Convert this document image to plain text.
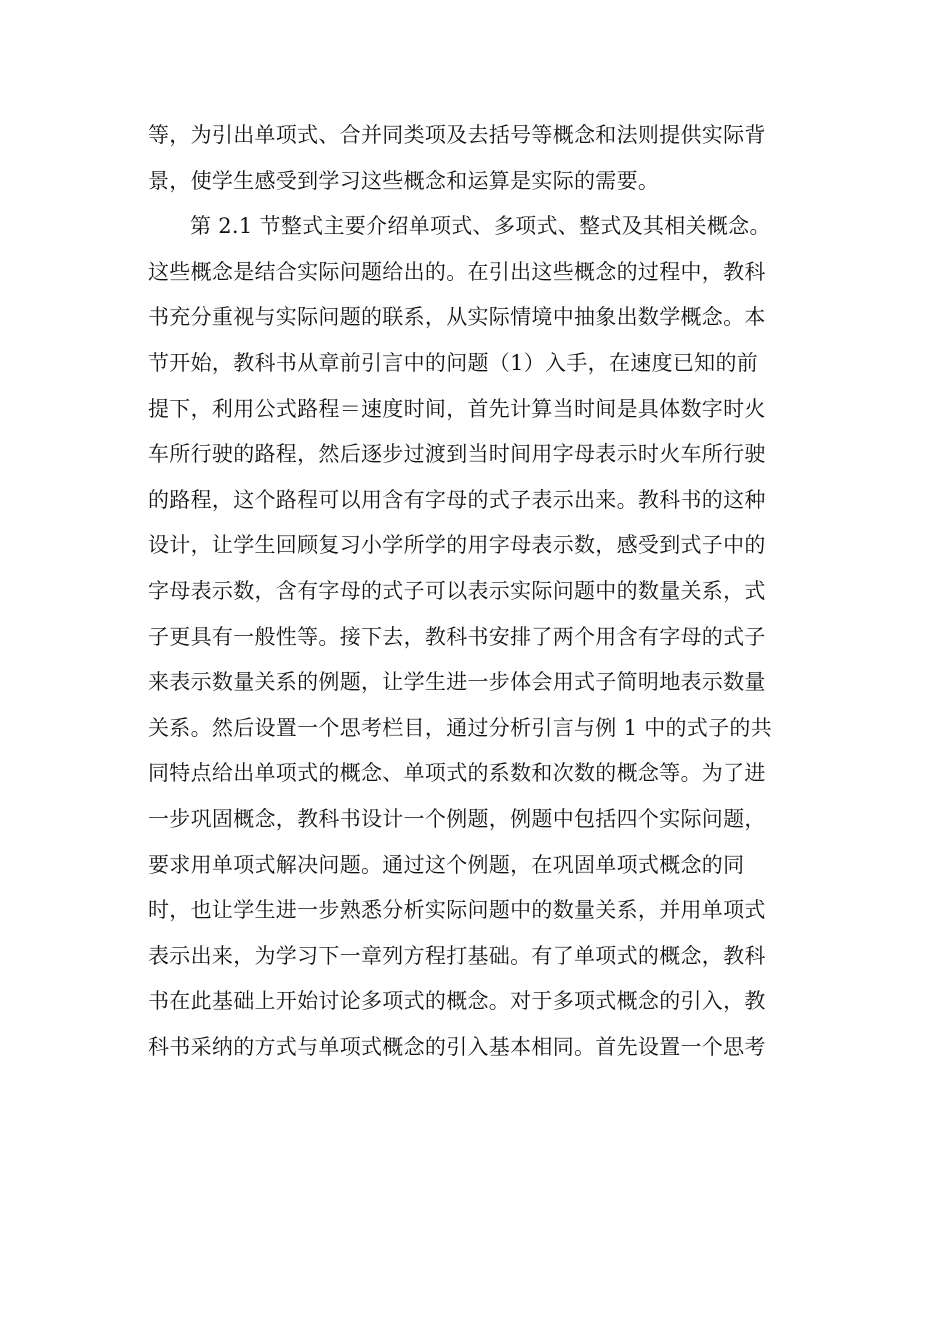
等，为引出单项式、合并同类项及去括号等概念和法则提供实际背
景，使学生感受到学习这些概念和运算是实际的需要。
第 2.1 节整式主要介绍单项式、多项式、整式及其相关概念。
这些概念是结合实际问题给出的。在引出这些概念的过程中，教科
书充分重视与实际问题的联系，从实际情境中抽象出数学概念。本
节开始，教科书从章前引言中的问题（1）入手，在速度已知的前
提下，利用公式路程＝速度时间，首先计算当时间是具体数字时火
车所行驶的路程，然后逐步过渡到当时间用字母表示时火车所行驶
的路程，这个路程可以用含有字母的式子表示出来。教科书的这种
设计，让学生回顾复习小学所学的用字母表示数，感受到式子中的
字母表示数，含有字母的式子可以表示实际问题中的数量关系，式
子更具有一般性等。接下去，教科书安排了两个用含有字母的式子
来表示数量关系的例题，让学生进一步体会用式子简明地表示数量
关系。然后设置一个思考栏目，通过分析引言与例 1 中的式子的共
同特点给出单项式的概念、单项式的系数和次数的概念等。为了进
一步巩固概念，教科书设计一个例题，例题中包括四个实际问题，
要求用单项式解决问题。通过这个例题，在巩固单项式概念的同
时，也让学生进一步熟悉分析实际问题中的数量关系，并用单项式
表示出来，为学习下一章列方程打基础。有了单项式的概念，教科
书在此基础上开始讨论多项式的概念。对于多项式概念的引入，教
科书采纳的方式与单项式概念的引入基本相同。首先设置一个思考
